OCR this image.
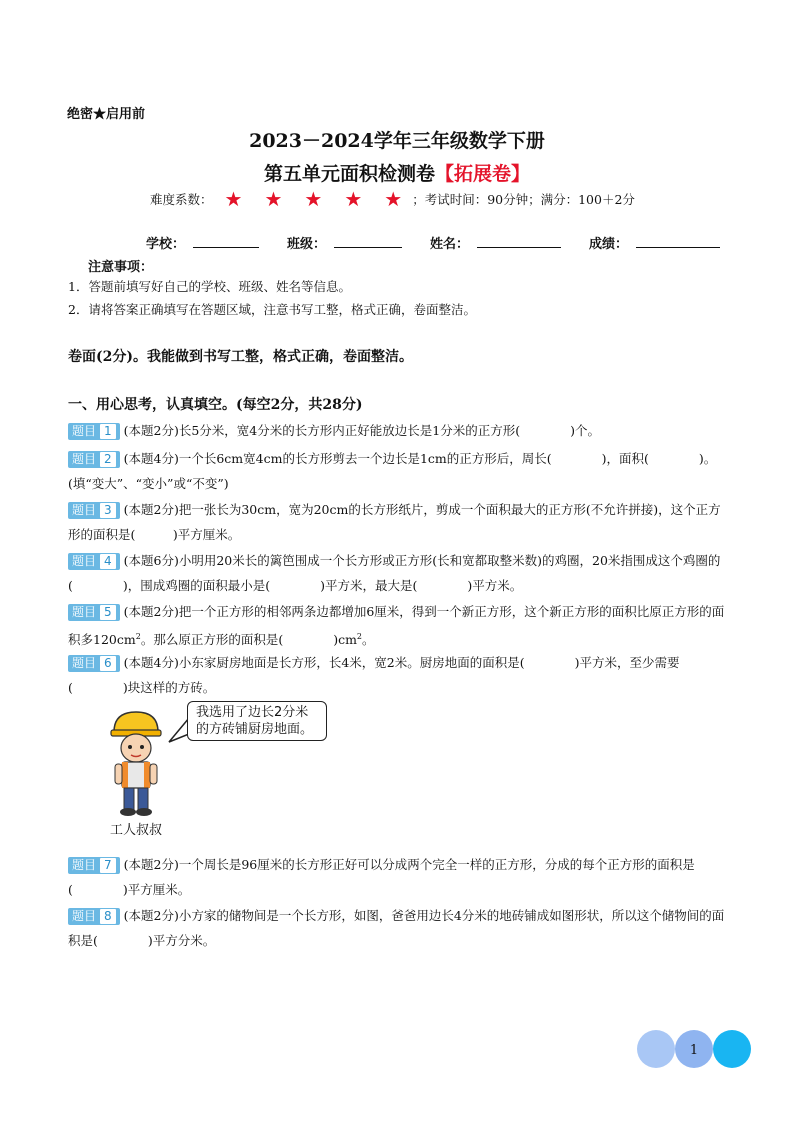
绝密★启用前
2023－2024学年三年级数学下册
第五单元面积检测卷【拓展卷】
难度系数： ★ ★ ★ ★ ★ ；考试时间：90分钟；满分：100＋2分
学校：	班级：	姓名：	成绩：
注意事项：
1．答题前填写好自己的学校、班级、姓名等信息。
2．请将答案正确填写在答题区域，注意书写工整，格式正确，卷面整洁。
卷面(2分)。我能做到书写工整，格式正确，卷面整洁。
一、用心思考，认真填空。(每空2分，共28分)
题目 1 (本题2分)长5分米，宽4分米的长方形内正好能放边长是1分米的正方形(　　　　)个。
题目 2 (本题4分)一个长6cm宽4cm的长方形剪去一个边长是1cm的正方形后，周长(　　　　)，面积(　　　　)。(填“变大”、“变小”或“不变”)
题目 3 (本题2分)把一张长为30cm，宽为20cm的长方形纸片，剪成一个面积最大的正方形(不允许拼接)，这个正方形的面积是(　　　)平方厘米。
题目 4 (本题6分)小明用20米长的篱笆围成一个长方形或正方形(长和宽都取整米数)的鸡圈，20米指围成这个鸡圈的(　　　　)，围成鸡圈的面积最小是(　　　　)平方米，最大是(　　　　)平方米。
题目 5 (本题2分)把一个正方形的相邻两条边都增加6厘米，得到一个新正方形，这个新正方形的面积比原正方形的面积多$120cm^2$。那么原正方形的面积是(　　　　)$cm^2$。
题目 6 (本题4分)小东家厨房地面是长方形，长4米，宽2米。厨房地面的面积是(　　　　)平方米，至少需要(　　　　)块这样的方砖。
我选用了边长2分米的方砖铺厨房地面。
工人叔叔
题目 7 (本题2分)一个周长是96厘米的长方形正好可以分成两个完全一样的正方形，分成的每个正方形的面积是(　　　　)平方厘米。
题目 8 (本题2分)小方家的储物间是一个长方形，如图，爸爸用边长4分米的地砖铺成如图形状，所以这个储物间的面积是(　　　　)平方分米。
1
